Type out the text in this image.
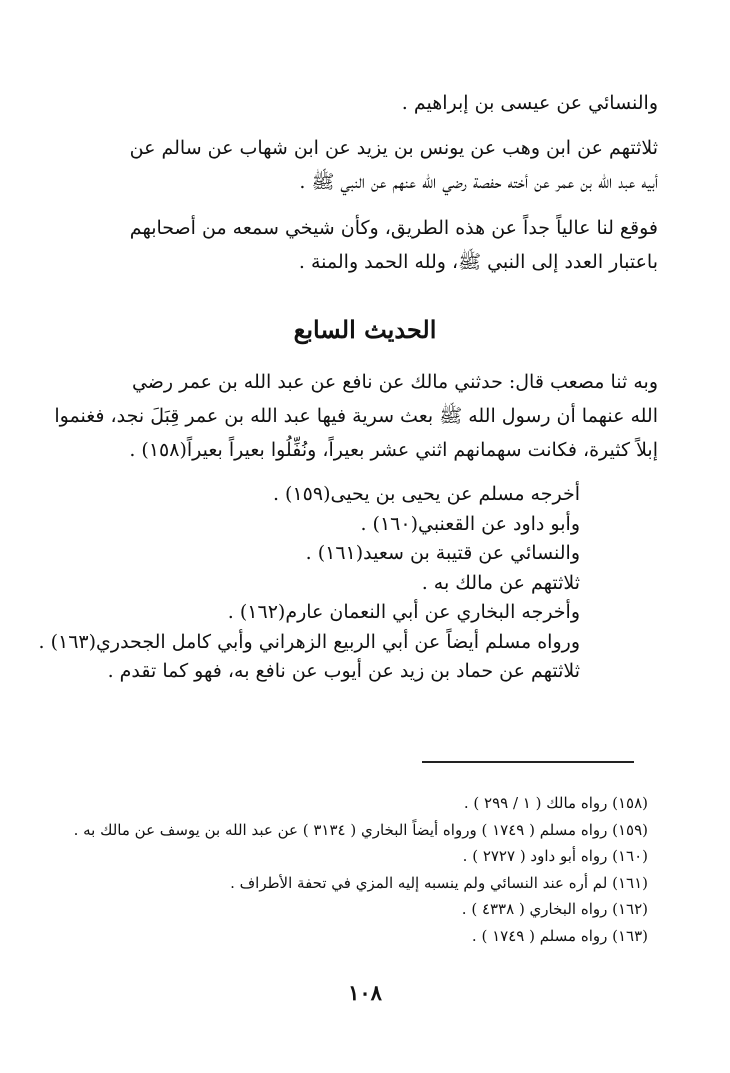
والنسائي عن عيسى بن إبراهيم .
ثلاثتهم عن ابن وهب عن يونس بن يزيد عن ابن شهاب عن سالم عن
أبيه عبد الله بن عمر عن أخته حفصة رضي الله عنهم عن النبي ﷺ .
فوقع لنا عالياً جداً عن هذه الطريق، وكأن شيخي سمعه من أصحابهم
باعتبار العدد إلى النبي ﷺ، ولله الحمد والمنة .
الحديث السابع
وبه ثنا مصعب قال: حدثني مالك عن نافع عن عبد الله بن عمر رضي
الله عنهما أن رسول الله ﷺ بعث سرية فيها عبد الله بن عمر قِبَلَ نجد، فغنموا
إبلاً كثيرة، فكانت سهمانهم اثني عشر بعيراً، ونُفِّلُوا بعيراً بعيراً(١٥٨) .
أخرجه مسلم عن يحيى بن يحيى(١٥٩) .
وأبو داود عن القعنبي(١٦٠) .
والنسائي عن قتيبة بن سعيد(١٦١) .
ثلاثتهم عن مالك به .
وأخرجه البخاري عن أبي النعمان عارم(١٦٢) .
ورواه مسلم أيضاً عن أبي الربيع الزهراني وأبي كامل الجحدري(١٦٣) .
ثلاثتهم عن حماد بن زيد عن أيوب عن نافع به، فهو كما تقدم .
(١٥٨) رواه مالك ( ١ / ٢٩٩ ) .
(١٥٩) رواه مسلم ( ١٧٤٩ ) ورواه أيضاً البخاري ( ٣١٣٤ ) عن عبد الله بن يوسف عن مالك به .
(١٦٠) رواه أبو داود ( ٢٧٢٧ ) .
(١٦١) لم أره عند النسائي ولم ينسبه إليه المزي في تحفة الأطراف .
(١٦٢) رواه البخاري ( ٤٣٣٨ ) .
(١٦٣) رواه مسلم ( ١٧٤٩ ) .
١٠٨
